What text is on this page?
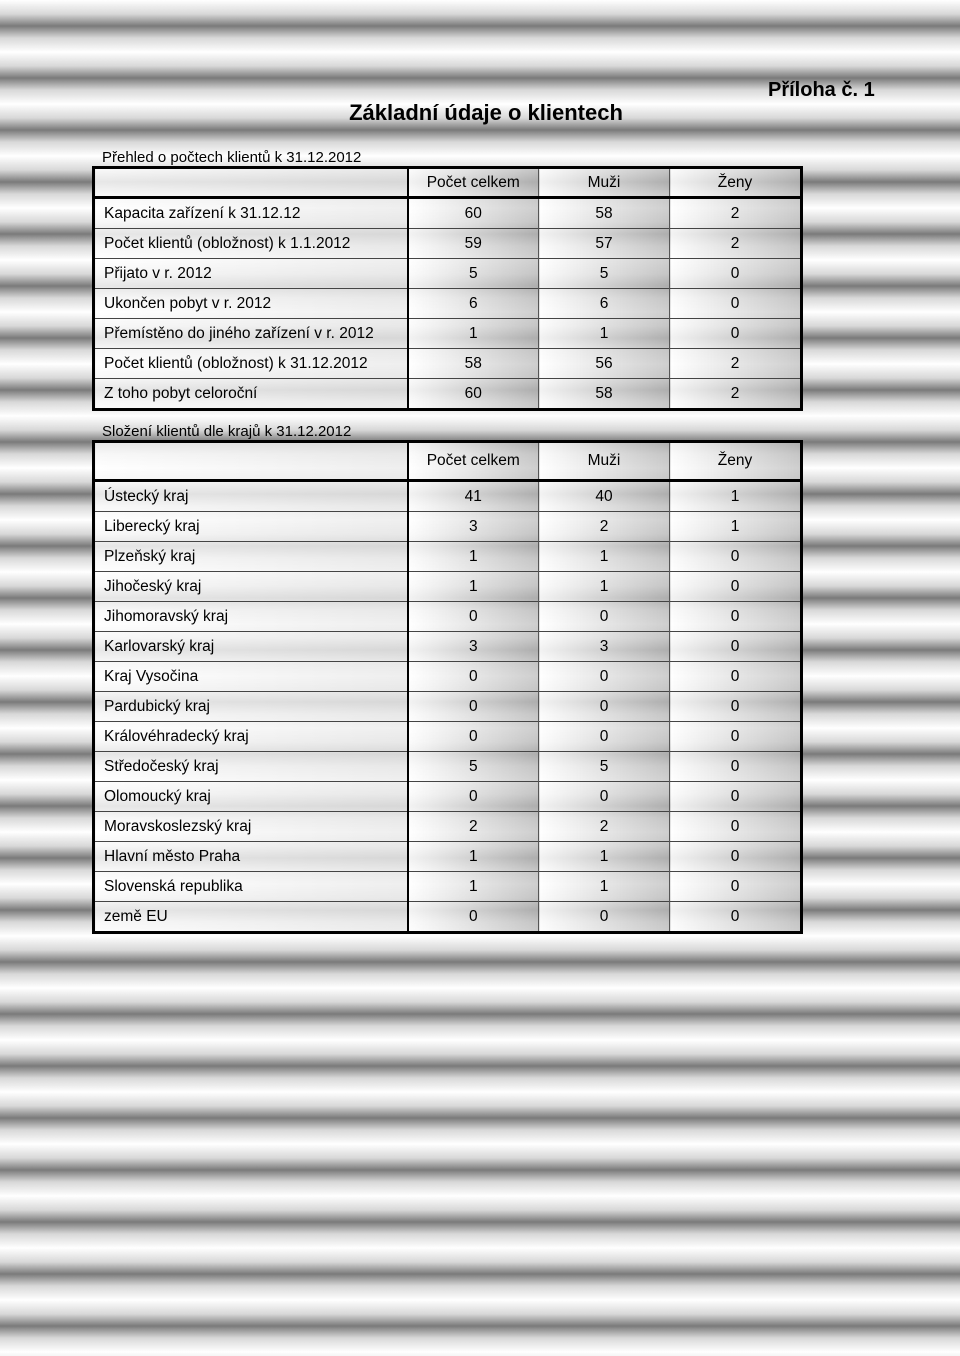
Základní údaje o klientech
Příloha č. 1

Přehled o počtech klientů k 31.12.2012

	Počet celkem	Muži	Ženy
Kapacita zařízení k 31.12.12	60	58	2
Počet klientů (obložnost) k 1.1.2012	59	57	2
Přijato v r. 2012	5	5	0
Ukončen pobyt v r. 2012	6	6	0
Přemístěno do jiného zařízení v r. 2012	1	1	0
Počet klientů (obložnost) k 31.12.2012	58	56	2
Z toho pobyt celoroční	60	58	2

Složení klientů dle krajů k 31.12.2012

	Počet celkem	Muži	Ženy
Ústecký kraj	41	40	1
Liberecký kraj	3	2	1
Plzeňský kraj	1	1	0
Jihočeský kraj	1	1	0
Jihomoravský kraj	0	0	0
Karlovarský kraj	3	3	0
Kraj Vysočina	0	0	0
Pardubický kraj	0	0	0
Královéhradecký kraj	0	0	0
Středočeský kraj	5	5	0
Olomoucký kraj	0	0	0
Moravskoslezský kraj	2	2	0
Hlavní město Praha	1	1	0
Slovenská republika	1	1	0
země EU	0	0	0
